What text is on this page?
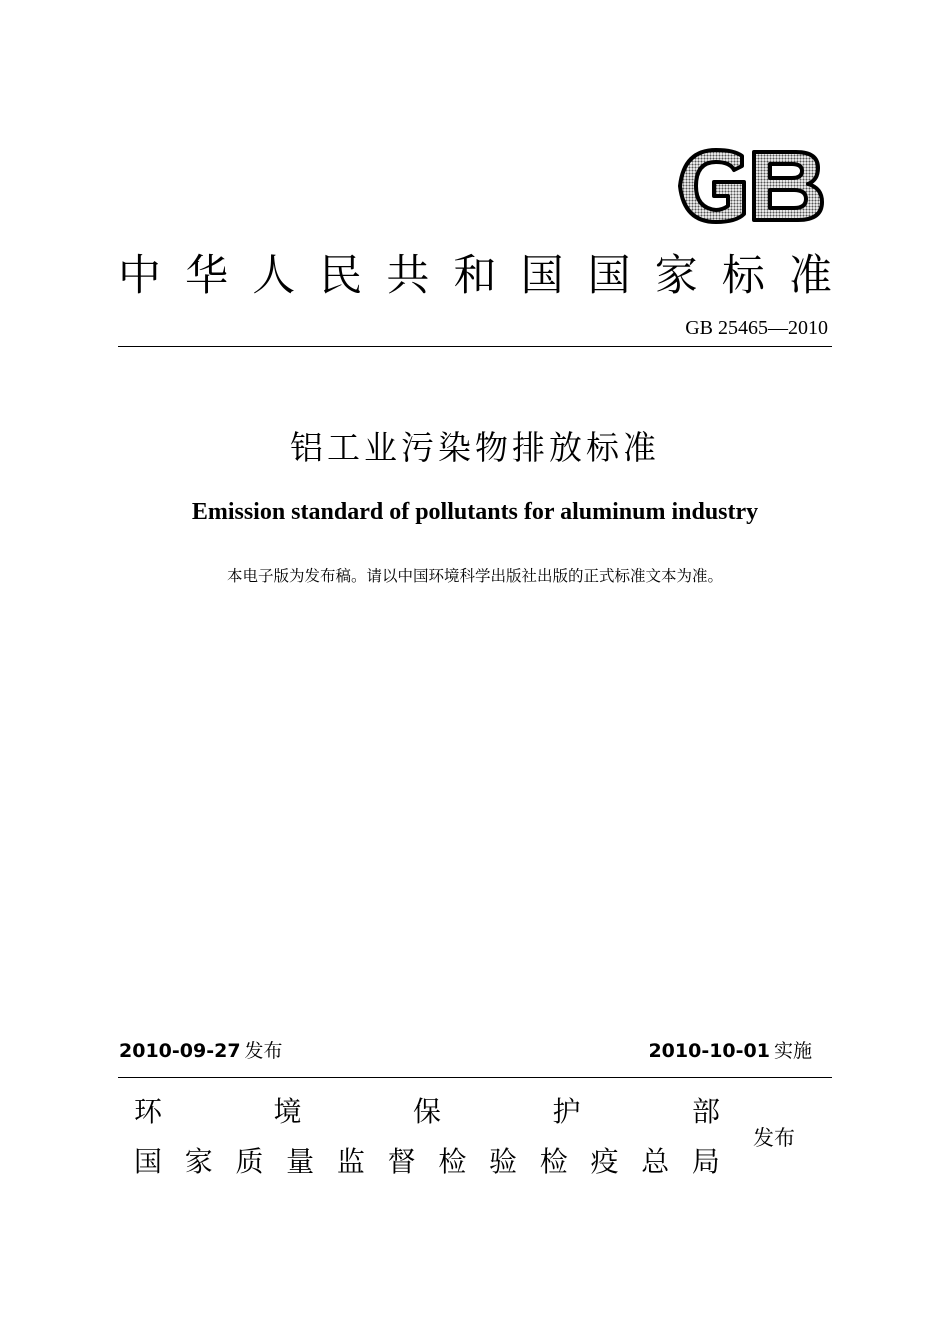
中 华 人 民 共 和 国 国 家 标 准
GB 25465—2010
铝工业污染物排放标准
Emission standard of pollutants for aluminum industry
本电子版为发布稿。请以中国环境科学出版社出版的正式标准文本为准。
2010-09-27 发布	2010-10-01 实施
环	境	保	护	部
国 家 质 量 监 督 检 验 检 疫 总 局
发布
